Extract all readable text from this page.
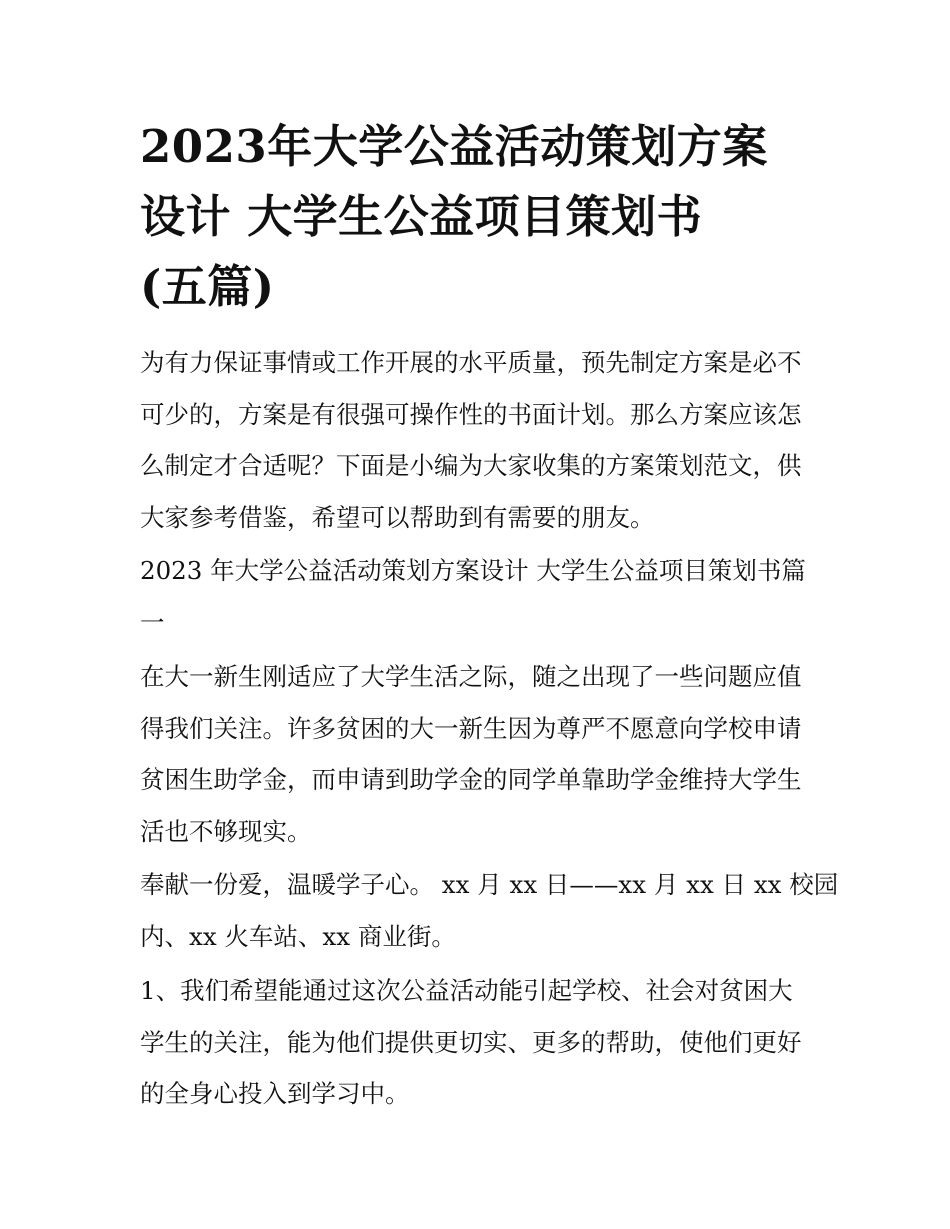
2023年大学公益活动策划方案
设计 大学生公益项目策划书
(五篇)

为有力保证事情或工作开展的水平质量，预先制定方案是必不
可少的，方案是有很强可操作性的书面计划。那么方案应该怎
么制定才合适呢？下面是小编为大家收集的方案策划范文，供
大家参考借鉴，希望可以帮助到有需要的朋友。

2023 年大学公益活动策划方案设计 大学生公益项目策划书篇
一

在大一新生刚适应了大学生活之际，随之出现了一些问题应值
得我们关注。许多贫困的大一新生因为尊严不愿意向学校申请
贫困生助学金，而申请到助学金的同学单靠助学金维持大学生
活也不够现实。

奉献一份爱，温暖学子心。 xx 月 xx 日——xx 月 xx 日 xx 校园
内、xx 火车站、xx 商业街。

1、我们希望能通过这次公益活动能引起学校、社会对贫困大
学生的关注，能为他们提供更切实、更多的帮助，使他们更好
的全身心投入到学习中。
